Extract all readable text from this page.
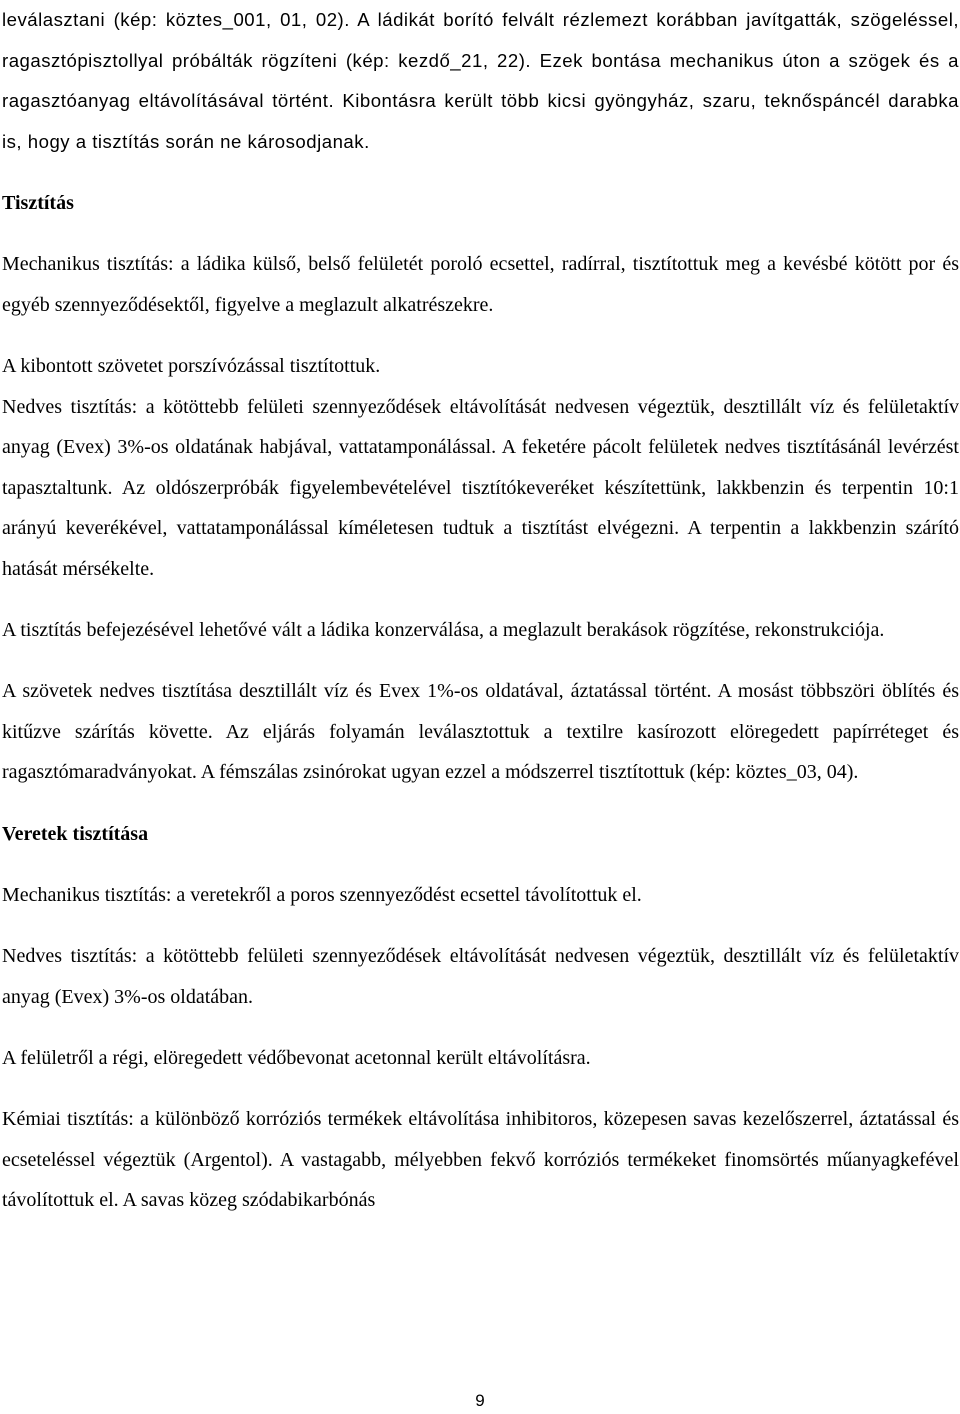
leválasztani (kép: köztes_001, 01, 02). A ládikát borító felvált rézlemezt korábban javítgatták, szögeléssel, ragasztópisztollyal próbálták rögzíteni (kép: kezdő_21, 22). Ezek bontása mechanikus úton a szögek és a ragasztóanyag eltávolításával történt. Kibontásra került több kicsi gyöngyház, szaru, teknőspáncél darabka is, hogy a tisztítás során ne károsodjanak.

Tisztítás

Mechanikus tisztítás: a ládika külső, belső felületét poroló ecsettel, radírral, tisztítottuk meg a kevésbé kötött por és egyéb szennyeződésektől, figyelve a meglazult alkatrészekre.

A kibontott szövetet porszívózással tisztítottuk.

Nedves tisztítás: a kötöttebb felületi szennyeződések eltávolítását nedvesen végeztük, desztillált víz és felületaktív anyag (Evex) 3%-os oldatának habjával, vattatamponálással. A feketére pácolt felületek nedves tisztításánál levérzést tapasztaltunk. Az oldószerpróbák figyelembevételével tisztítókeveréket készítettünk, lakkbenzin és terpentin 10:1 arányú keverékével, vattatamponálással kíméletesen tudtuk a tisztítást elvégezni. A terpentin a lakkbenzin szárító hatását mérsékelte.

A tisztítás befejezésével lehetővé vált a ládika konzerválása, a meglazult berakások rögzítése, rekonstrukciója.

A szövetek nedves tisztítása desztillált víz és Evex 1%-os oldatával, áztatással történt. A mosást többszöri öblítés és kitűzve szárítás követte. Az eljárás folyamán leválasztottuk a textilre kasírozott elöregedett papírréteget és ragasztómaradványokat. A fémszálas zsinórokat ugyan ezzel a módszerrel tisztítottuk (kép: köztes_03, 04).

Veretek tisztítása

Mechanikus tisztítás: a veretekről a poros szennyeződést ecsettel távolítottuk el.

Nedves tisztítás: a kötöttebb felületi szennyeződések eltávolítását nedvesen végeztük, desztillált víz és felületaktív anyag (Evex) 3%-os oldatában.

A felületről a régi, elöregedett védőbevonat acetonnal került eltávolításra.

Kémiai tisztítás: a különböző korróziós termékek eltávolítása inhibitoros, közepesen savas kezelőszerrel, áztatással és ecseteléssel végeztük (Argentol). A vastagabb, mélyebben fekvő korróziós termékeket finomsörtés műanyagkefével távolítottuk el. A savas közeg szódabikarbónás

9
